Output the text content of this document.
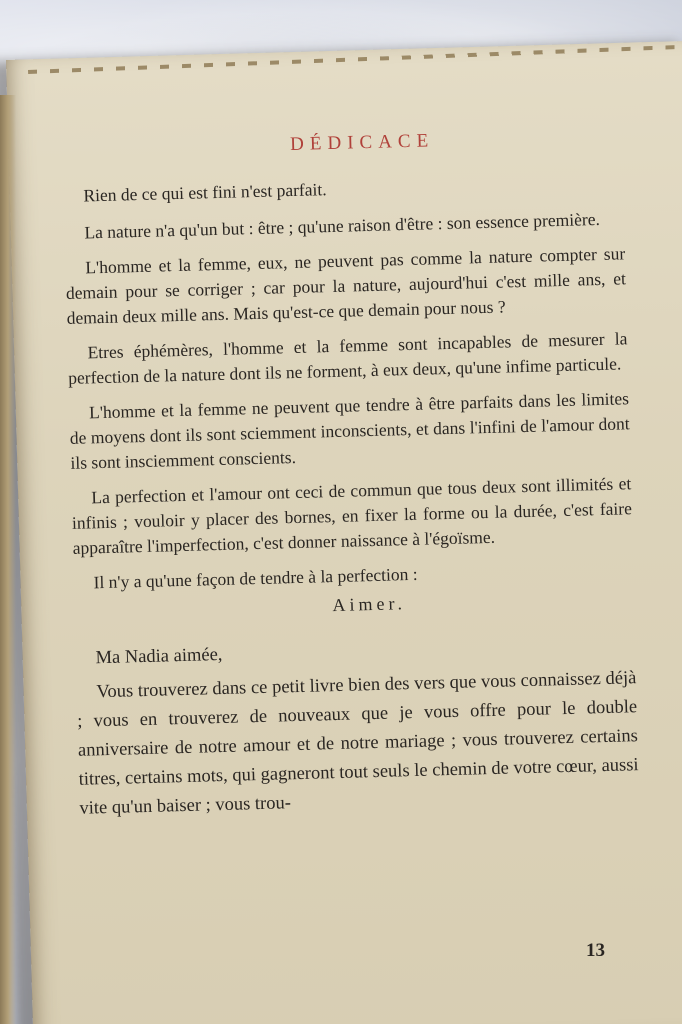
DÉDICACE

Rien de ce qui est fini n'est parfait.

La nature n'a qu'un but : être ; qu'une raison d'être : son essence première.

L'homme et la femme, eux, ne peuvent pas comme la nature compter sur demain pour se corriger ; car pour la nature, aujourd'hui c'est mille ans, et demain deux mille ans. Mais qu'est-ce que demain pour nous ?

Etres éphémères, l'homme et la femme sont incapables de mesurer la perfection de la nature dont ils ne forment, à eux deux, qu'une infime particule.

L'homme et la femme ne peuvent que tendre à être parfaits dans les limites de moyens dont ils sont sciemment inconscients, et dans l'infini de l'amour dont ils sont insciemment conscients.

La perfection et l'amour ont ceci de commun que tous deux sont illimités et infinis ; vouloir y placer des bornes, en fixer la forme ou la durée, c'est faire apparaître l'imperfection, c'est donner naissance à l'égoïsme.

Il n'y a qu'une façon de tendre à la perfection :

Aimer.

Ma Nadia aimée,

Vous trouverez dans ce petit livre bien des vers que vous connaissez déjà ; vous en trouverez de nouveaux que je vous offre pour le double anniversaire de notre amour et de notre mariage ; vous trouverez certains titres, certains mots, qui gagneront tout seuls le chemin de votre cœur, aussi vite qu'un baiser ; vous trou-

13
